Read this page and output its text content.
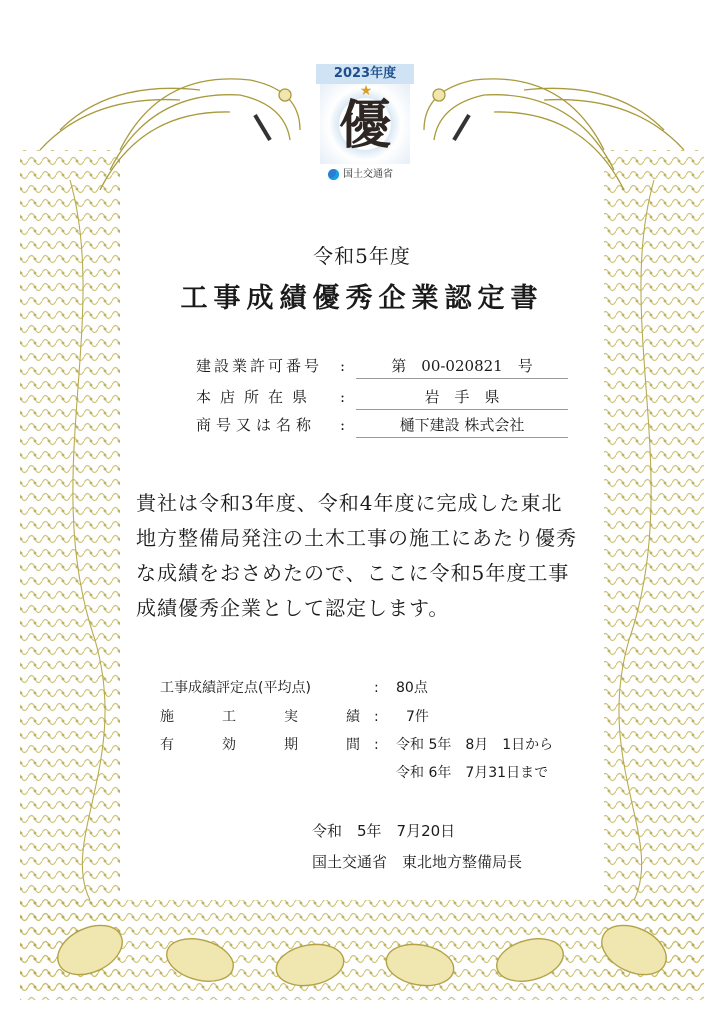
2023年度
★
優
国土交通省
令和5年度
工事成績優秀企業認定書
建設業許可番号	:	第　00-020821　号
本店所在県	:	岩　手　県
商号又は名称	:	樋下建設 株式会社
貴社は令和3年度、令和4年度に完成した東北
地方整備局発注の土木工事の施工にあたり優秀
な成績をおさめたので、ここに令和5年度工事
成績優秀企業として認定します。
工事成績評定点(平均点)	: 80点
施	工	実	績 : 7件
有	効	期	間 : 令和 5年　8月　1日から
令和 6年　7月31日まで
令和　5年　7月20日
国土交通省　東北地方整備局長
